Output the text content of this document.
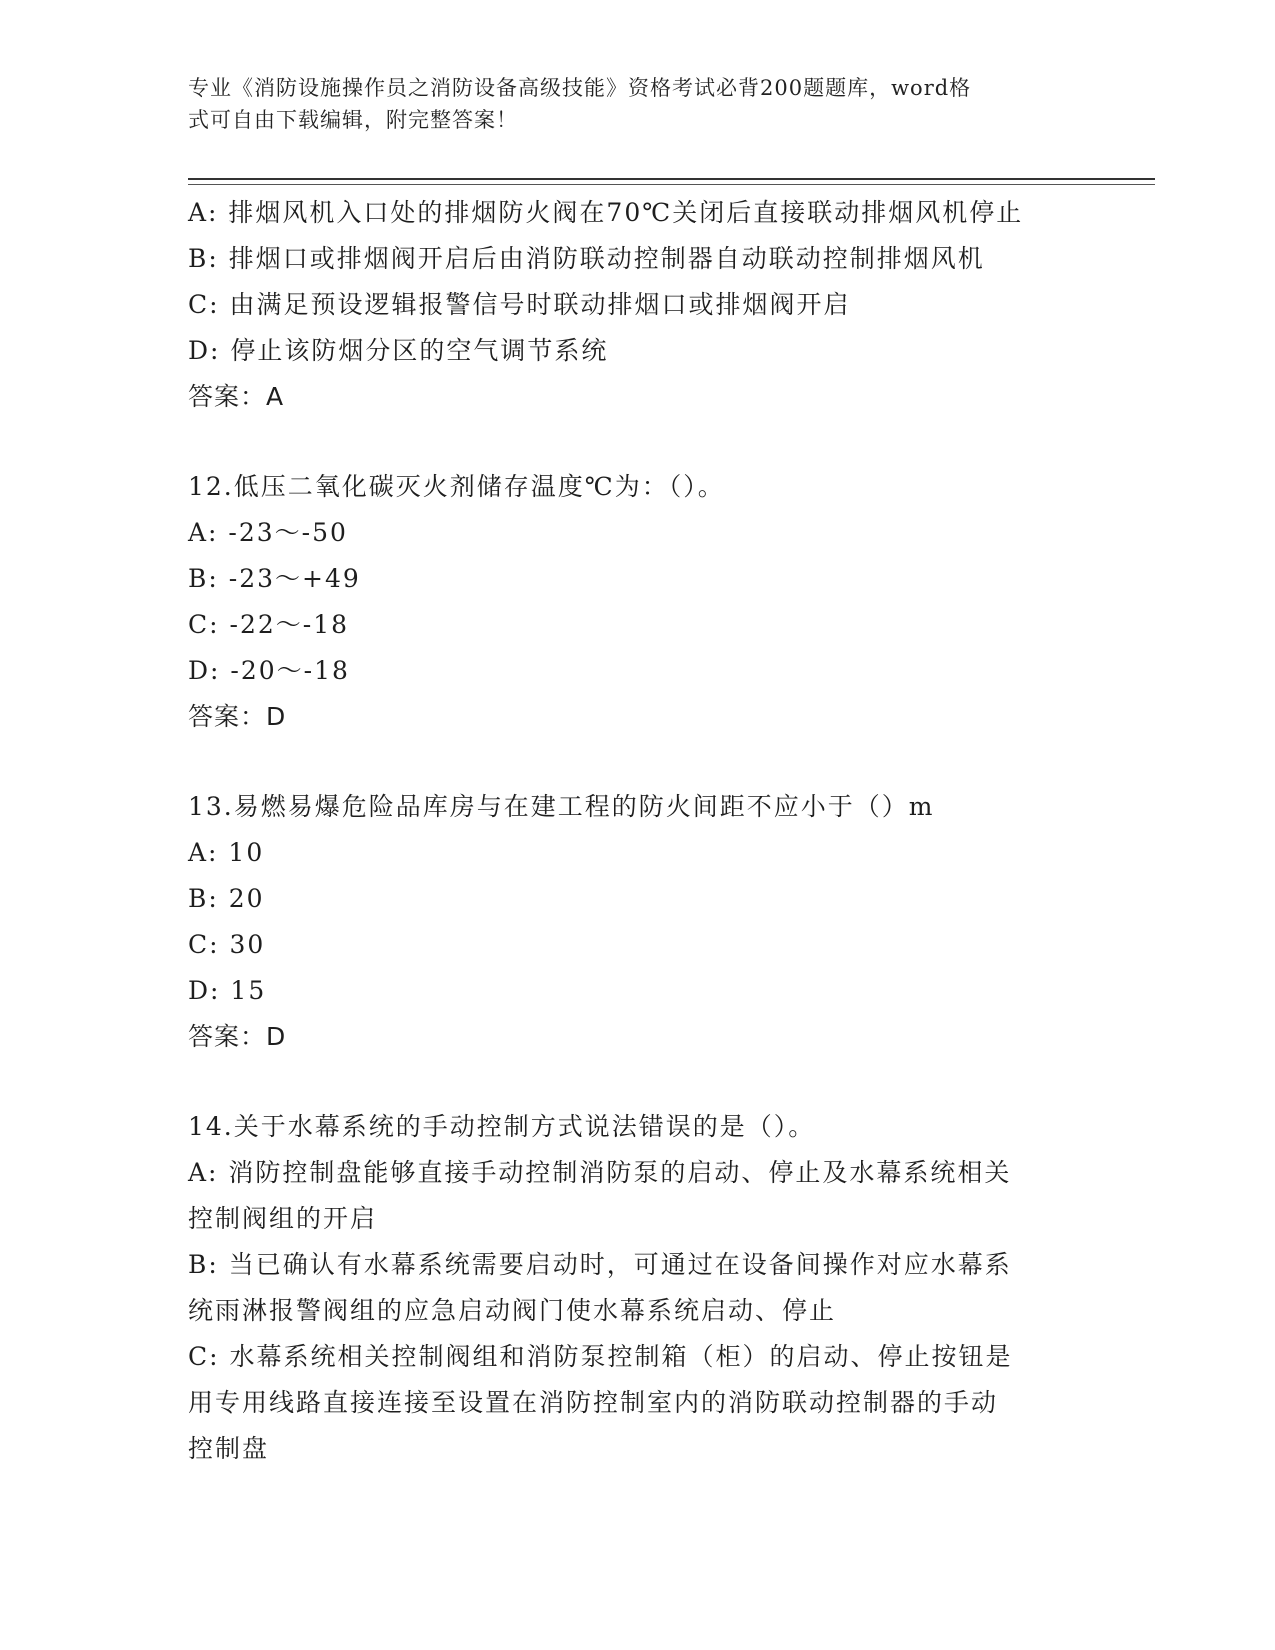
专业《消防设施操作员之消防设备高级技能》资格考试必背200题题库，word格
式可自由下载编辑，附完整答案！
A: 排烟风机入口处的排烟防火阀在70℃关闭后直接联动排烟风机停止
B: 排烟口或排烟阀开启后由消防联动控制器自动联动控制排烟风机
C: 由满足预设逻辑报警信号时联动排烟口或排烟阀开启
D: 停止该防烟分区的空气调节系统
答案：A
12.低压二氧化碳灭火剂储存温度℃为：（）。
A: -23～-50
B: -23～+49
C: -22～-18
D: -20～-18
答案：D
13.易燃易爆危险品库房与在建工程的防火间距不应小于（）m
A: 10
B: 20
C: 30
D: 15
答案：D
14.关于水幕系统的手动控制方式说法错误的是（）。
A: 消防控制盘能够直接手动控制消防泵的启动、停止及水幕系统相关
控制阀组的开启
B: 当已确认有水幕系统需要启动时，可通过在设备间操作对应水幕系
统雨淋报警阀组的应急启动阀门使水幕系统启动、停止
C: 水幕系统相关控制阀组和消防泵控制箱（柜）的启动、停止按钮是
用专用线路直接连接至设置在消防控制室内的消防联动控制器的手动
控制盘
